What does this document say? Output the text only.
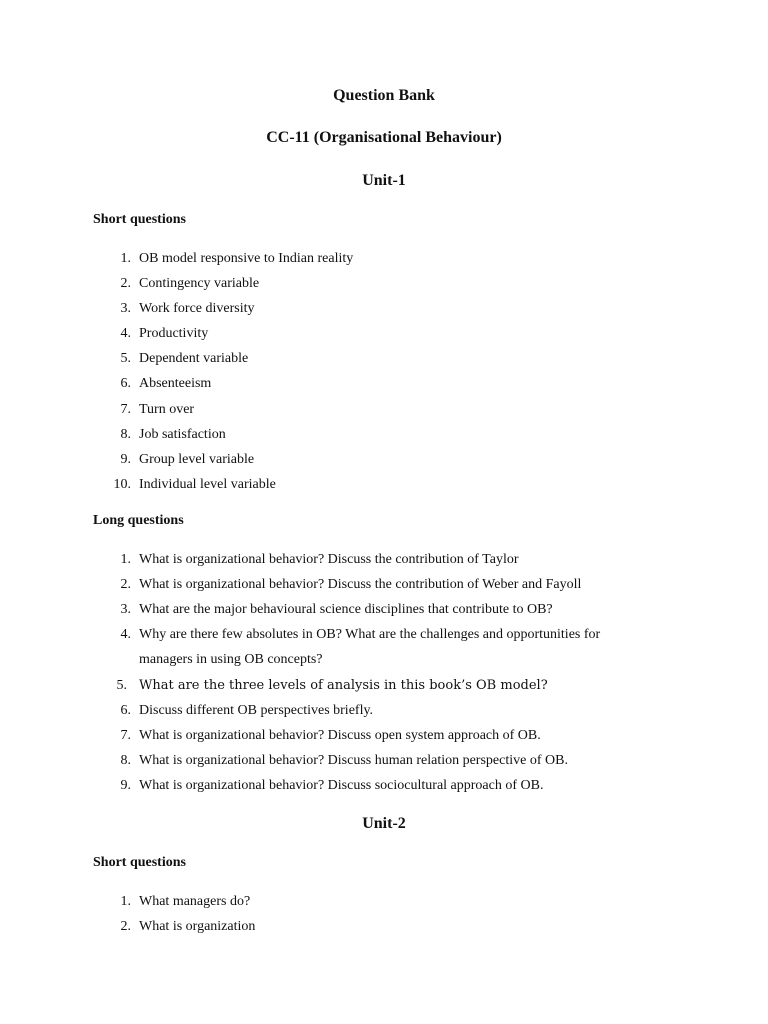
Question Bank
CC-11 (Organisational Behaviour)
Unit-1
Short questions
1. OB model responsive to Indian reality
2. Contingency variable
3. Work force diversity
4. Productivity
5. Dependent variable
6. Absenteeism
7. Turn over
8. Job satisfaction
9. Group level variable
10. Individual level variable
Long questions
1. What is organizational behavior? Discuss the contribution of Taylor
2. What is organizational behavior? Discuss the contribution of Weber and Fayoll
3. What are the major behavioural science disciplines that contribute to OB?
4. Why are there few absolutes in OB? What are the challenges and opportunities for
managers in using OB concepts?
5. What are the three levels of analysis in this book’s OB model?
6. Discuss different OB perspectives briefly.
7. What is organizational behavior? Discuss open system approach of OB.
8. What is organizational behavior? Discuss human relation perspective of OB.
9. What is organizational behavior? Discuss sociocultural approach of OB.
Unit-2
Short questions
1. What managers do?
2. What is organization
